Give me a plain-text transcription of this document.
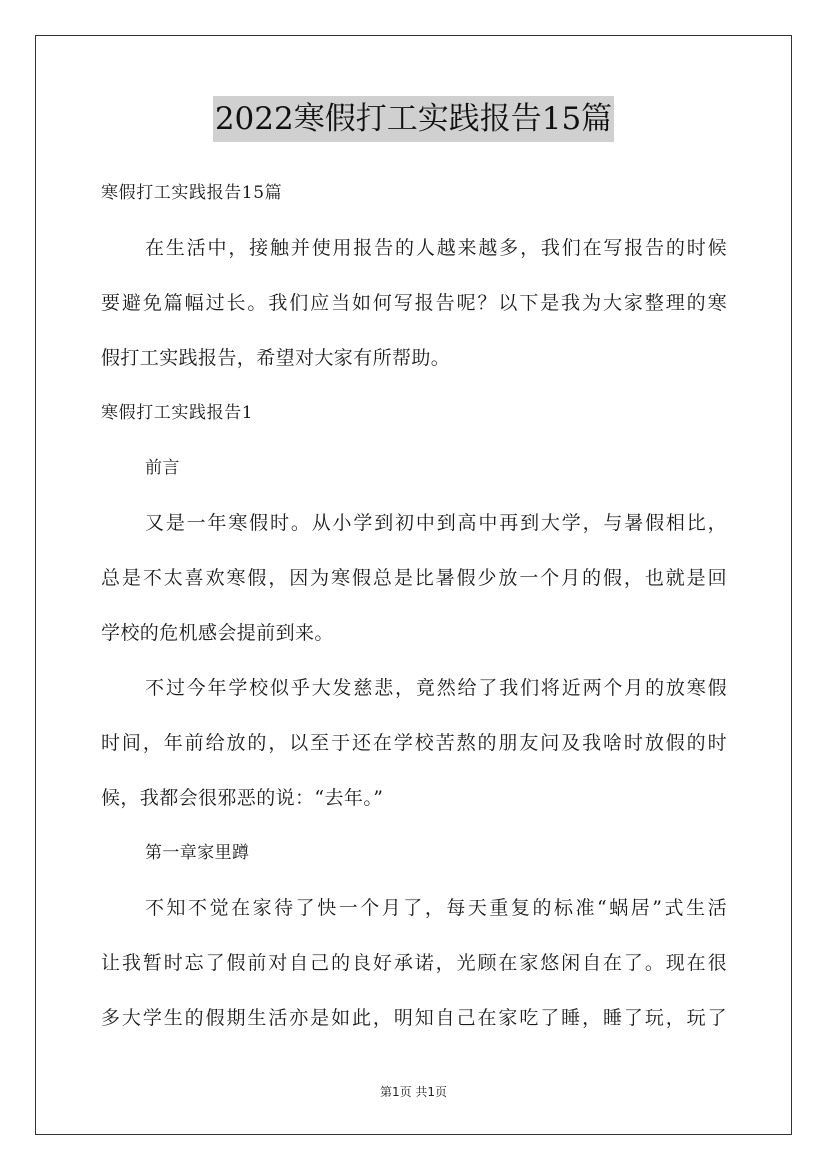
2022寒假打工实践报告15篇
寒假打工实践报告15篇
在生活中，接触并使用报告的人越来越多，我们在写报告的时候
要避免篇幅过长。我们应当如何写报告呢？以下是我为大家整理的寒
假打工实践报告，希望对大家有所帮助。
寒假打工实践报告1
前言
又是一年寒假时。从小学到初中到高中再到大学，与暑假相比，
总是不太喜欢寒假，因为寒假总是比暑假少放一个月的假，也就是回
学校的危机感会提前到来。
不过今年学校似乎大发慈悲，竟然给了我们将近两个月的放寒假
时间，年前给放的，以至于还在学校苦熬的朋友问及我啥时放假的时
候，我都会很邪恶的说：“去年。”
第一章家里蹲
不知不觉在家待了快一个月了，每天重复的标准“蜗居”式生活
让我暂时忘了假前对自己的良好承诺，光顾在家悠闲自在了。现在很
多大学生的假期生活亦是如此，明知自己在家吃了睡，睡了玩，玩了
第1页 共1页
